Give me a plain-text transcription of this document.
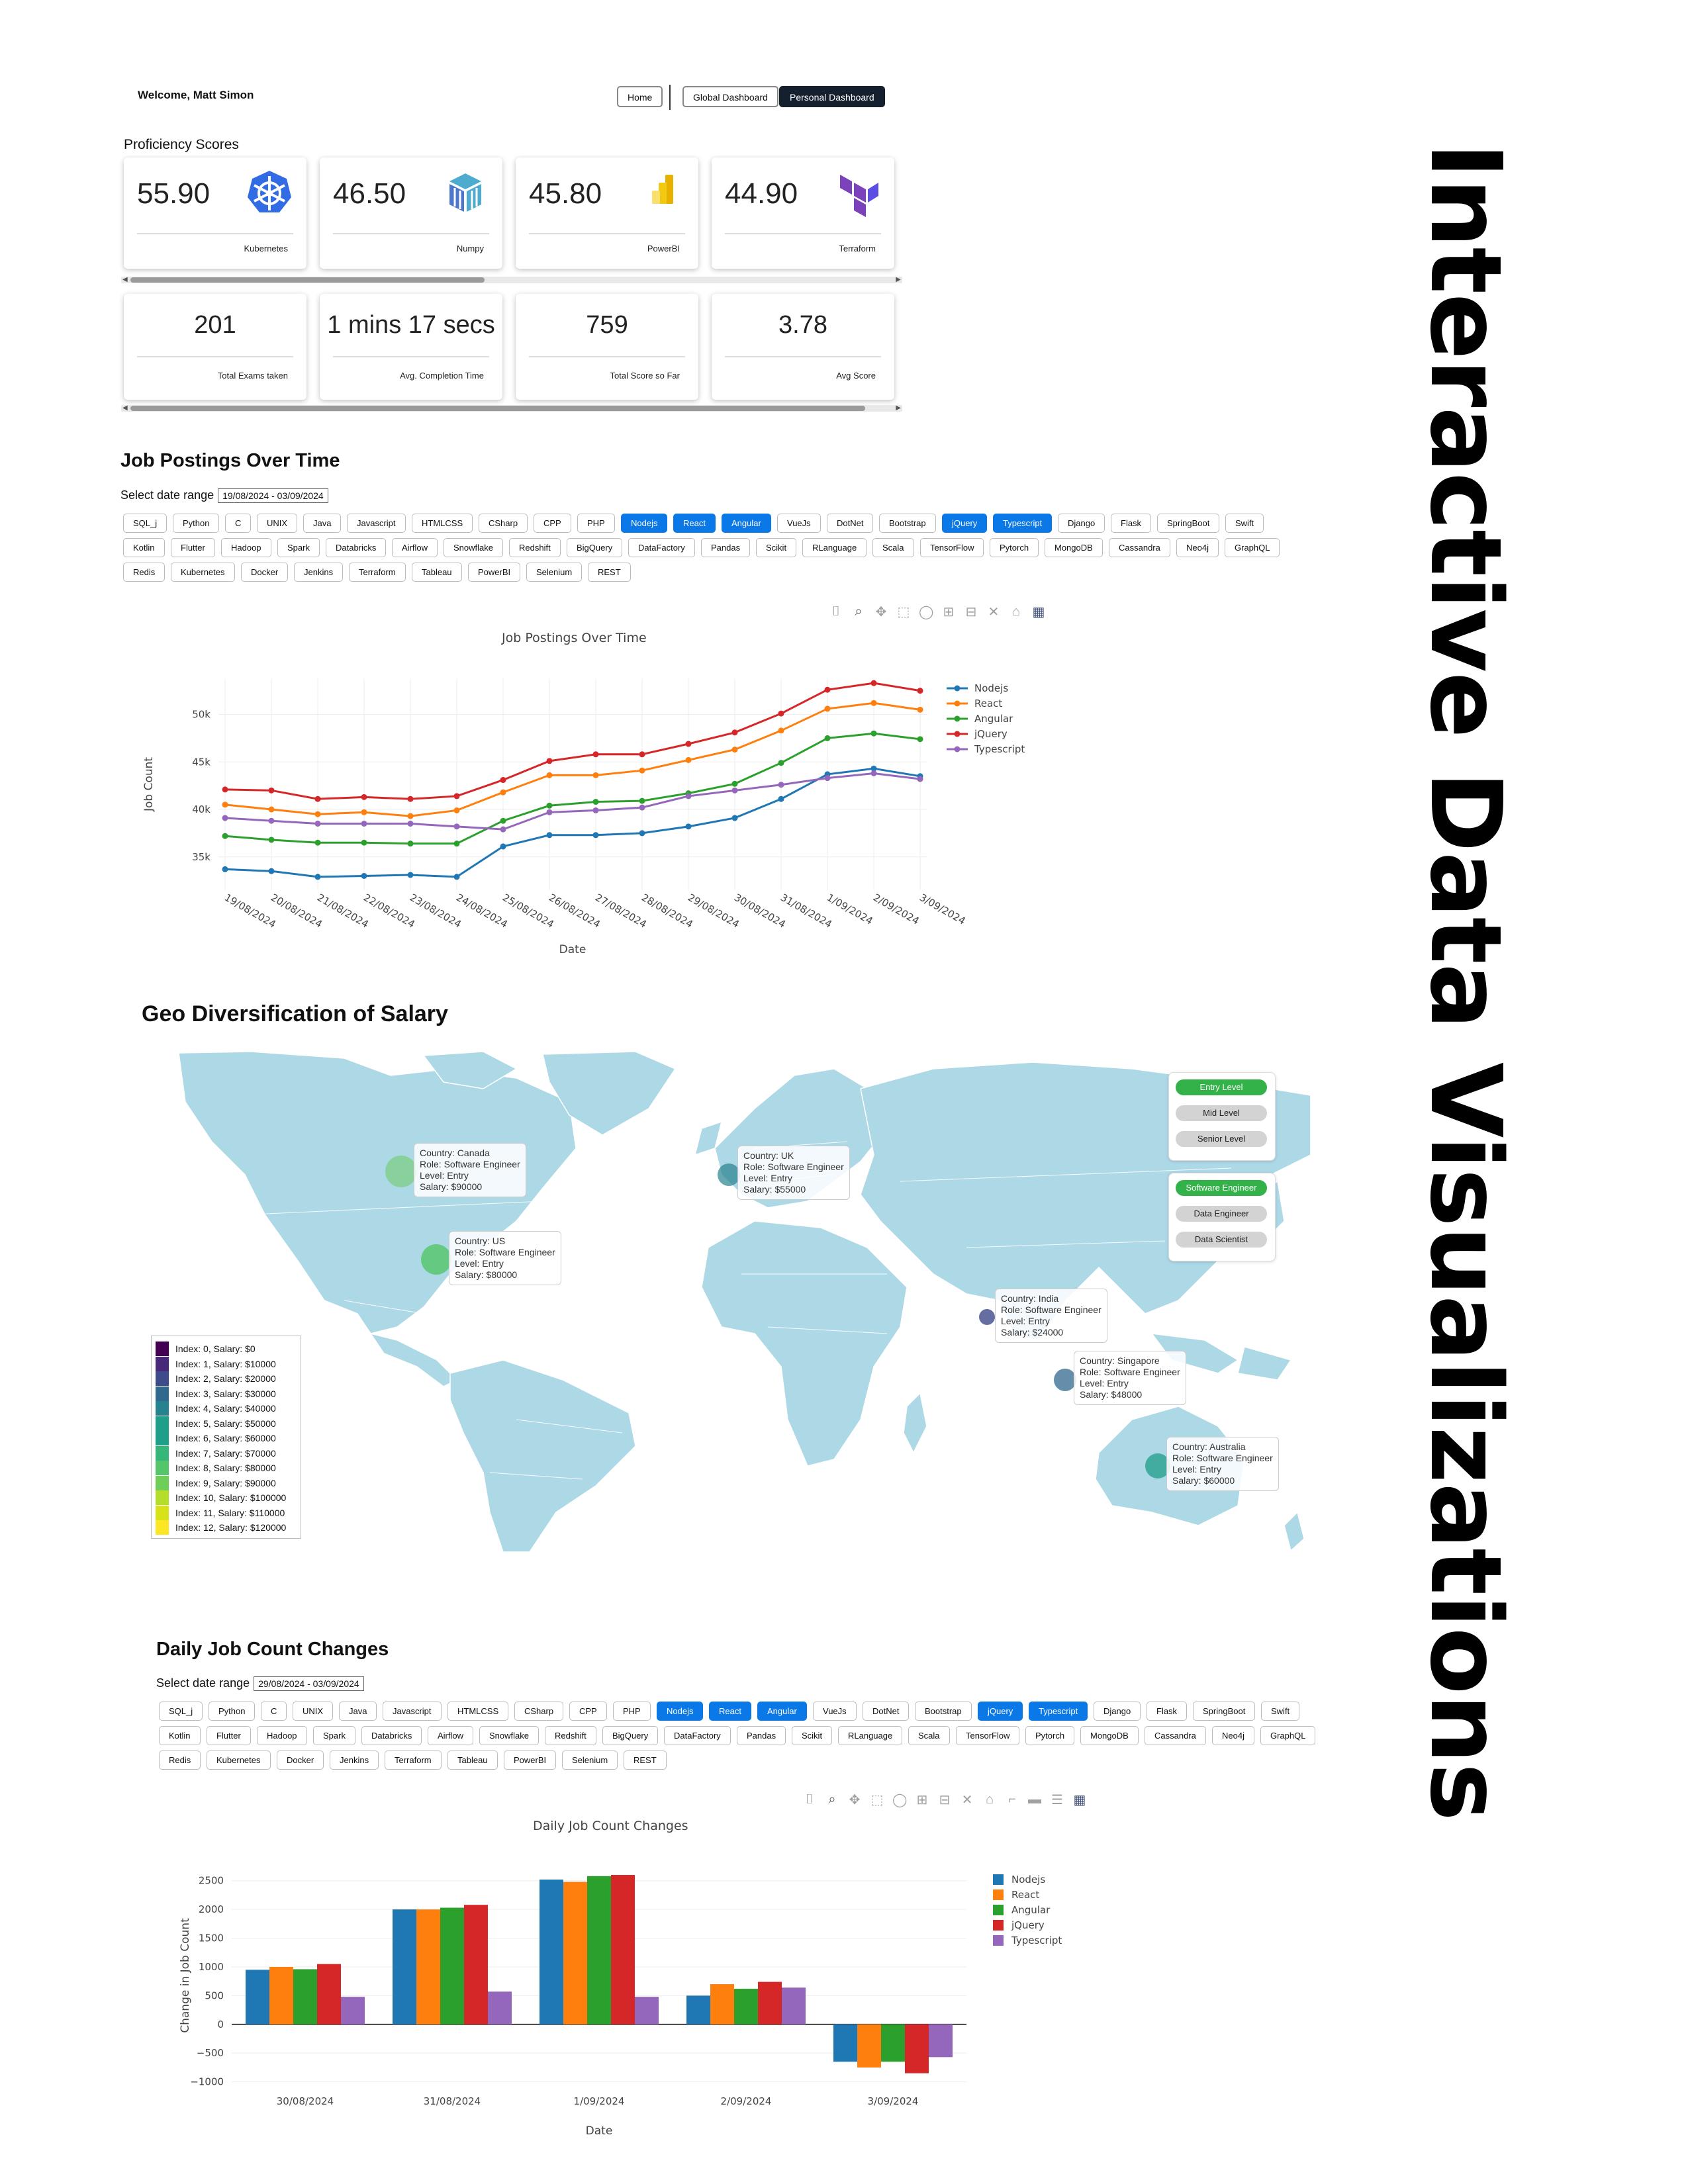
Welcome, Matt Simon	Home	Global Dashboard	Personal Dashboard
Proficiency Scores
55.90
Kubernetes
46.50
Numpy
45.80
PowerBI
44.90
Terraform
◀	▶
201
Total Exams taken
1 mins 17 secs
Avg. Completion Time
759
Total Score so Far
3.78
Avg Score
◀	▶
Job Postings Over Time
Select date range 19/08/2024 - 03/09/2024
SQL_j	Python	C	UNIX	Java	Javascript	HTMLCSS	CSharp	CPP	PHP	Nodejs	React	Angular	VueJs	DotNet	Bootstrap	jQuery	Typescript	Django	Flask	SpringBoot	Swift
Kotlin	Flutter	Hadoop	Spark	Databricks	Airflow	Snowflake	Redshift	BigQuery	DataFactory	Pandas	Scikit	RLanguage	Scala	TensorFlow	Pytorch	MongoDB	Cassandra	Neo4j	GraphQL
Redis	Kubernetes	Docker	Jenkins	Terraform	Tableau	PowerBI	Selenium	REST
⌷ ⌕ ✥ ⬚ ◯ ⊞ ⊟ ✕ ⌂ ▦
Job Postings Over Time
35k
40k
45k
50k
19/08/2024
20/08/2024
21/08/2024
22/08/2024
23/08/2024
24/08/2024
25/08/2024
26/08/2024
27/08/2024
28/08/2024
29/08/2024
30/08/2024
31/08/2024
1/09/2024
2/09/2024
3/09/2024
Date
Job Count
Nodejs
React
Angular
jQuery
Typescript
Geo Diversification of Salary
Country: Canada
Role: Software Engineer
Level: Entry
Salary: $90000
Country: US
Role: Software Engineer
Level: Entry
Salary: $80000
Country: UK
Role: Software Engineer
Level: Entry
Salary: $55000
Country: India
Role: Software Engineer
Level: Entry
Salary: $24000
Country: Singapore
Role: Software Engineer
Level: Entry
Salary: $48000
Country: Australia
Role: Software Engineer
Level: Entry
Salary: $60000
Entry Level
Mid Level
Senior Level
Software Engineer
Data Engineer
Data Scientist
Index: 0, Salary: $0
Index: 1, Salary: $10000
Index: 2, Salary: $20000
Index: 3, Salary: $30000
Index: 4, Salary: $40000
Index: 5, Salary: $50000
Index: 6, Salary: $60000
Index: 7, Salary: $70000
Index: 8, Salary: $80000
Index: 9, Salary: $90000
Index: 10, Salary: $100000
Index: 11, Salary: $110000
Index: 12, Salary: $120000
Daily Job Count Changes
Select date range 29/08/2024 - 03/09/2024
SQL_j	Python	C	UNIX	Java	Javascript	HTMLCSS	CSharp	CPP	PHP	Nodejs	React	Angular	VueJs	DotNet	Bootstrap	jQuery	Typescript	Django	Flask	SpringBoot	Swift
Kotlin	Flutter	Hadoop	Spark	Databricks	Airflow	Snowflake	Redshift	BigQuery	DataFactory	Pandas	Scikit	RLanguage	Scala	TensorFlow	Pytorch	MongoDB	Cassandra	Neo4j	GraphQL
Redis	Kubernetes	Docker	Jenkins	Terraform	Tableau	PowerBI	Selenium	REST
⌷ ⌕ ✥ ⬚ ◯ ⊞ ⊟ ✕ ⌂ ⌐ ▬ ☰ ▦
Daily Job Count Changes
−1000
−500
0
500
1000
1500
2000
2500
30/08/2024	31/08/2024	1/09/2024	2/09/2024	3/09/2024
Date
Change in Job Count
Nodejs
React
Angular
jQuery
Typescript
Interactive Data Visualizations
